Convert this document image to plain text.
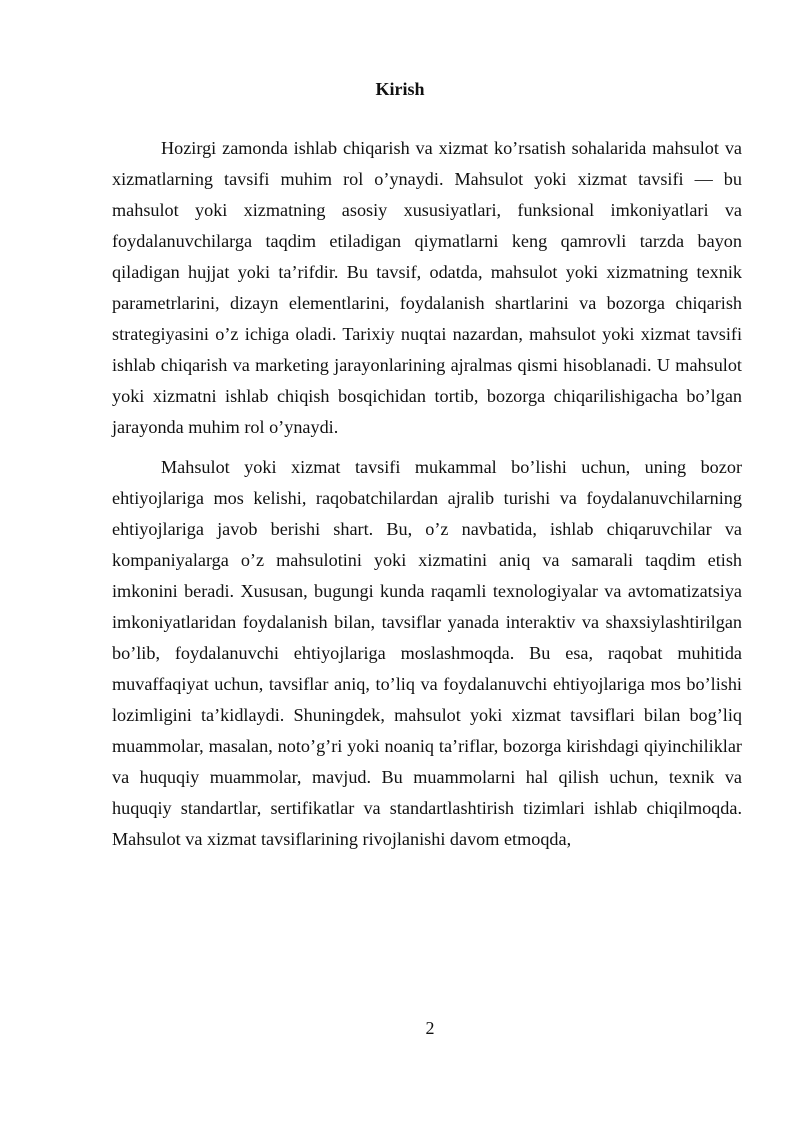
Kirish

Hozirgi zamonda ishlab chiqarish va xizmat ko’rsatish sohalarida mahsulot va xizmatlarning tavsifi muhim rol o’ynaydi. Mahsulot yoki xizmat tavsifi — bu mahsulot yoki xizmatning asosiy xususiyatlari, funksional imkoniyatlari va foydalanuvchilarga taqdim etiladigan qiymatlarni keng qamrovli tarzda bayon qiladigan hujjat yoki ta’rifdir. Bu tavsif, odatda, mahsulot yoki xizmatning texnik parametrlarini, dizayn elementlarini, foydalanish shartlarini va bozorga chiqarish strategiyasini o’z ichiga oladi. Tarixiy nuqtai nazardan, mahsulot yoki xizmat tavsifi ishlab chiqarish va marketing jarayonlarining ajralmas qismi hisoblanadi. U mahsulot yoki xizmatni ishlab chiqish bosqichidan tortib, bozorga chiqarilishigacha bo’lgan jarayonda muhim rol o’ynaydi.

Mahsulot yoki xizmat tavsifi mukammal bo’lishi uchun, uning bozor ehtiyojlariga mos kelishi, raqobatchilardan ajralib turishi va foydalanuvchilarning ehtiyojlariga javob berishi shart. Bu, o’z navbatida, ishlab chiqaruvchilar va kompaniyalarga o’z mahsulotini yoki xizmatini aniq va samarali taqdim etish imkonini beradi. Xususan, bugungi kunda raqamli texnologiyalar va avtomatizatsiya imkoniyatlaridan foydalanish bilan, tavsiflar yanada interaktiv va shaxsiylashtirilgan bo’lib, foydalanuvchi ehtiyojlariga moslashmoqda. Bu esa, raqobat muhitida muvaffaqiyat uchun, tavsiflar aniq, to’liq va foydalanuvchi ehtiyojlariga mos bo’lishi lozimligini ta’kidlaydi. Shuningdek, mahsulot yoki xizmat tavsiflari bilan bog’liq muammolar, masalan, noto’g’ri yoki noaniq ta’riflar, bozorga kirishdagi qiyinchiliklar va huquqiy muammolar, mavjud. Bu muammolarni hal qilish uchun, texnik va huquqiy standartlar, sertifikatlar va standartlashtirish tizimlari ishlab chiqilmoqda. Mahsulot va xizmat tavsiflarining rivojlanishi davom etmoqda,

2
